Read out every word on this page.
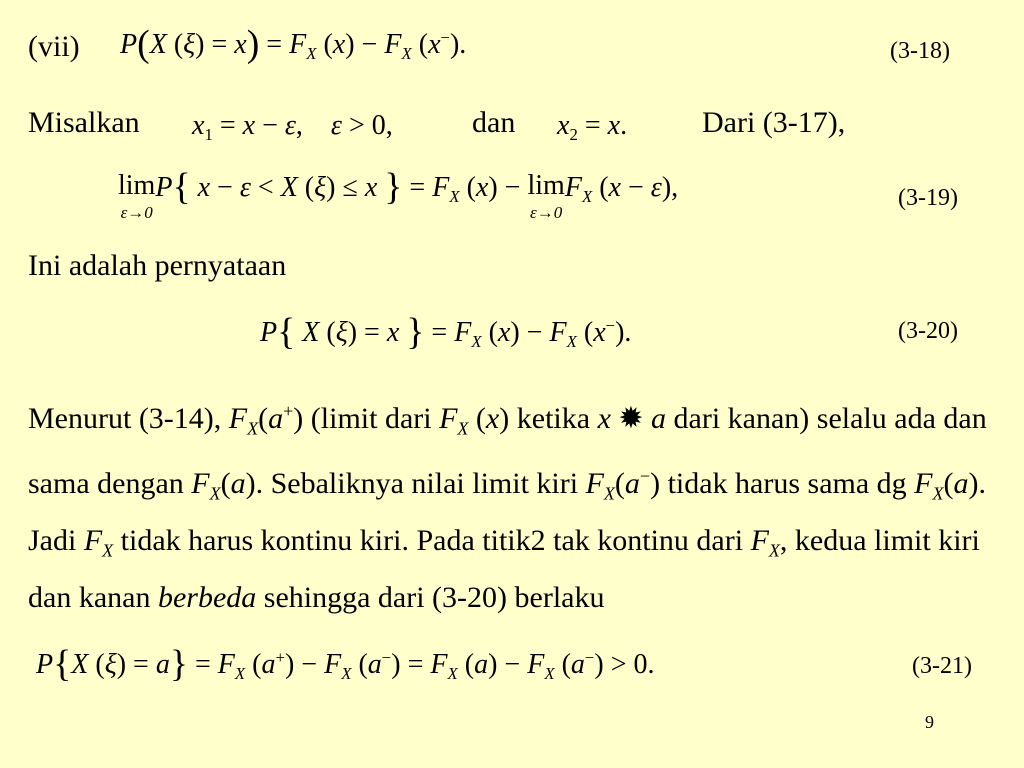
(vii) P(X $(\xi) = x) = F_X$ $(x) - F_X$ (x−).	(3-18)
Misalkan $x_1 = x - \varepsilon$,    ε > 0,	dan $x_2 = x$. Dari (3-17),
lim
ε→0
P{ x − ε < X (ξ) ≤ x } = $F_X$ (x) − lim
ε→0
$F_X$ (x − ε),	(3-19)
Ini adalah pernyataan
P{ X (ξ) = x } = $F_X$ $(x) - F_X$ (x−).	(3-20)
Menurut (3-14), $F_X(a^+)$ (limit dari $F_X$ (x) ketika x ✹ a dari kanan) selalu ada dan sama dengan $F_X(a)$. Sebaliknya nilai limit kiri $F_X(a^-)$ tidak harus sama dg $F_X(a)$. Jadi $F_X$ tidak harus kontinu kiri. Pada titik2 tak kontinu dari $F_X$, kedua limit kiri dan kanan berbeda sehingga dari (3-20) berlaku
P{X $(\xi) = a\} = F_X$ $(a^+) - F_X$ $(a^-) = F_X$ $(a) - F_X$ (a−) > 0.	(3-21)
9
